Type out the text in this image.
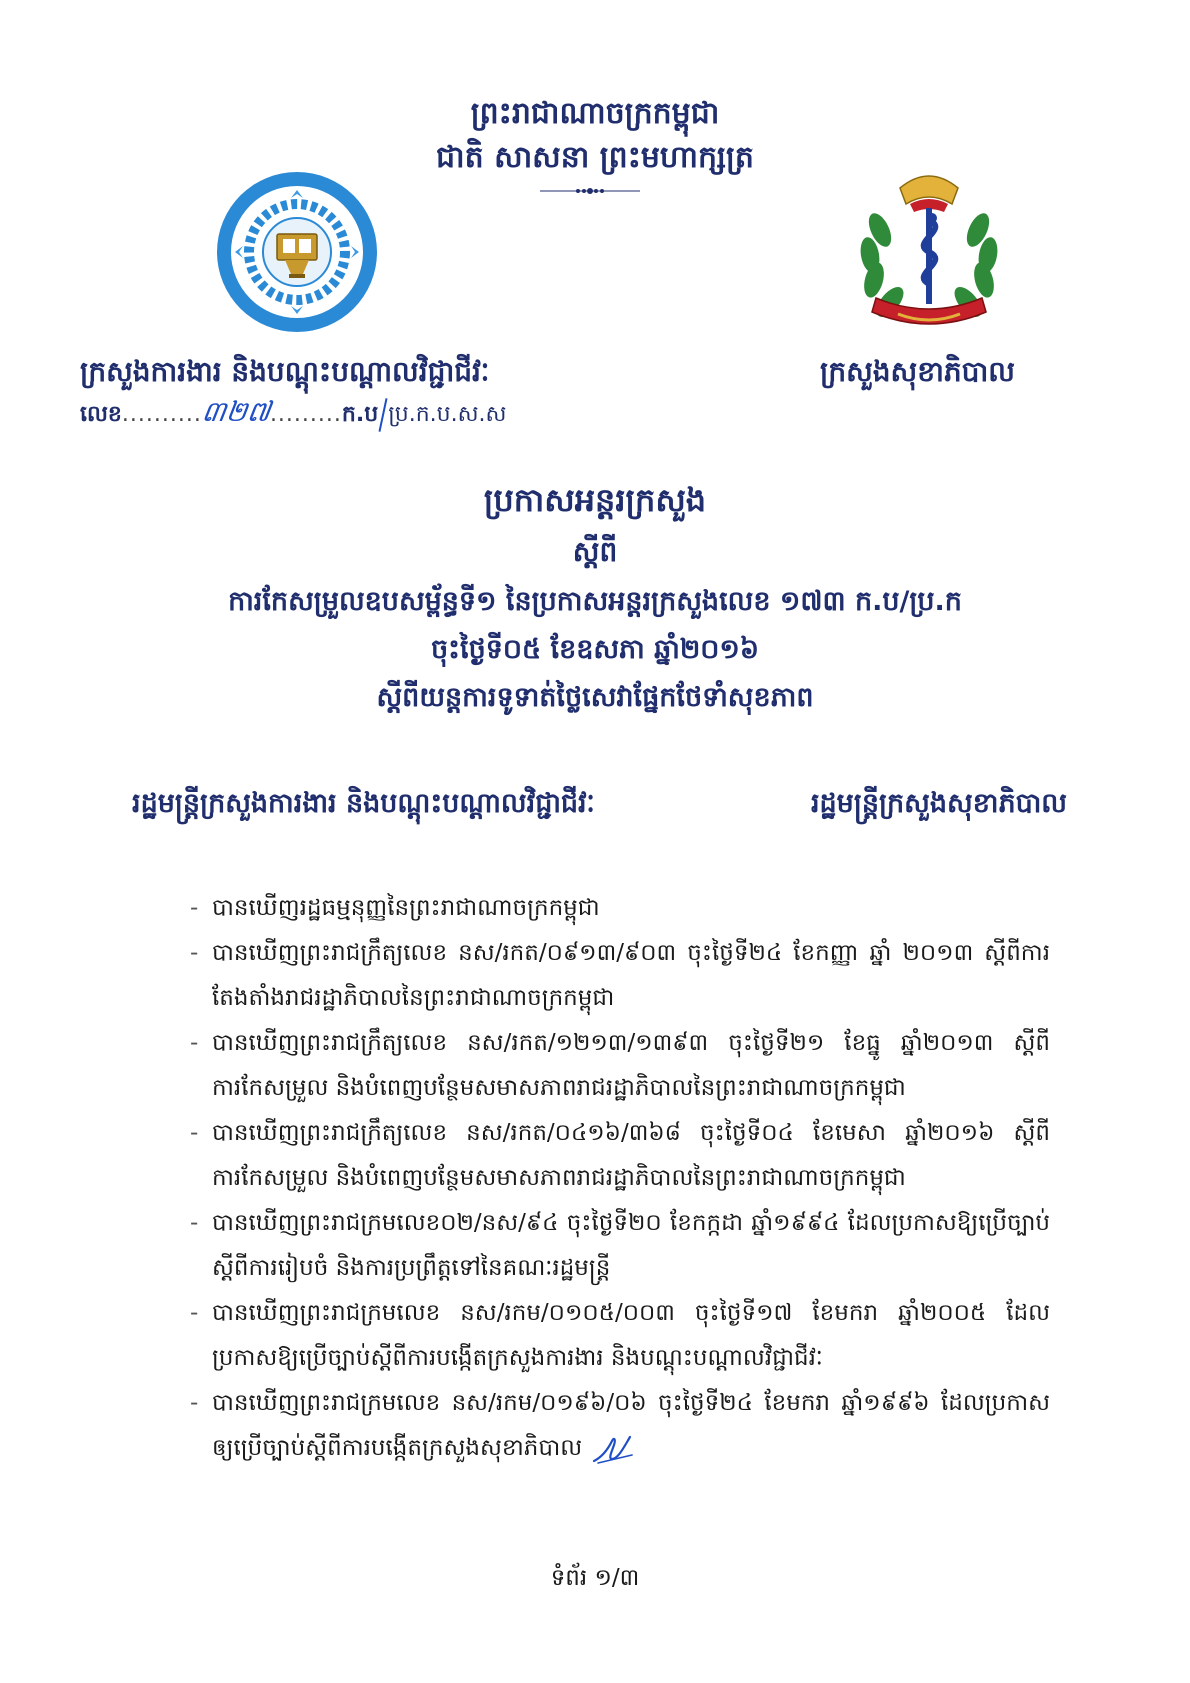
ព្រះរាជាណាចក្រកម្ពុជា
ជាតិ សាសនា ព្រះមហាក្សត្រ
ក្រសួងការងារ និងបណ្តុះបណ្តាលវិជ្ជាជីវៈ
លេខ..........៣២៧.........ក.ប ប្រ.ក.ប.ស.ស
ក្រសួងសុខាភិបាល
ប្រកាសអន្តរក្រសួង
ស្តីពី
ការកែសម្រួលឧបសម្ព័ន្ធទី១ នៃប្រកាសអន្តរក្រសួងលេខ ១៧៣ ក.ប/ប្រ.ក
ចុះថ្ងៃទី០៥ ខែឧសភា ឆ្នាំ២០១៦
ស្តីពីយន្តការទូទាត់ថ្លៃសេវាផ្នែកថែទាំសុខភាព
រដ្ឋមន្ត្រីក្រសួងការងារ និងបណ្តុះបណ្តាលវិជ្ជាជីវៈ	រដ្ឋមន្ត្រីក្រសួងសុខាភិបាល
- បានឃើញរដ្ឋធម្មនុញ្ញនៃព្រះរាជាណាចក្រកម្ពុជា
- បានឃើញព្រះរាជក្រឹត្យលេខ នស/រកត/០៩១៣/៩០៣ ចុះថ្ងៃទី២៤ ខែកញ្ញា ឆ្នាំ ២០១៣ ស្តីពីការតែងតាំងរាជរដ្ឋាភិបាលនៃព្រះរាជាណាចក្រកម្ពុជា
- បានឃើញព្រះរាជក្រឹត្យលេខ នស/រកត/១២១៣/១៣៩៣ ចុះថ្ងៃទី២១ ខែធ្នូ ឆ្នាំ២០១៣ ស្តីពីការកែសម្រួល និងបំពេញបន្ថែមសមាសភាពរាជរដ្ឋាភិបាលនៃព្រះរាជាណាចក្រកម្ពុជា
- បានឃើញព្រះរាជក្រឹត្យលេខ នស/រកត/០៤១៦/៣៦៨ ចុះថ្ងៃទី០៤ ខែមេសា ឆ្នាំ២០១៦ ស្តីពីការកែសម្រួល និងបំពេញបន្ថែមសមាសភាពរាជរដ្ឋាភិបាលនៃព្រះរាជាណាចក្រកម្ពុជា
- បានឃើញព្រះរាជក្រមលេខ០២/នស/៩៤ ចុះថ្ងៃទី២០ ខែកក្កដា ឆ្នាំ១៩៩៤ ដែលប្រកាសឱ្យប្រើច្បាប់ស្តីពីការរៀបចំ និងការប្រព្រឹត្តទៅនៃគណៈរដ្ឋមន្ត្រី
- បានឃើញព្រះរាជក្រមលេខ នស/រកម/០១០៥/០០៣ ចុះថ្ងៃទី១៧ ខែមករា ឆ្នាំ២០០៥ ដែលប្រកាសឱ្យប្រើច្បាប់ស្តីពីការបង្កើតក្រសួងការងារ និងបណ្តុះបណ្តាលវិជ្ជាជីវៈ
- បានឃើញព្រះរាជក្រមលេខ នស/រកម/០១៩៦/០៦ ចុះថ្ងៃទី២៤ ខែមករា ឆ្នាំ១៩៩៦ ដែលប្រកាសឲ្យប្រើច្បាប់ស្តីពីការបង្កើតក្រសួងសុខាភិបាល
ទំព័រ ១/៣
